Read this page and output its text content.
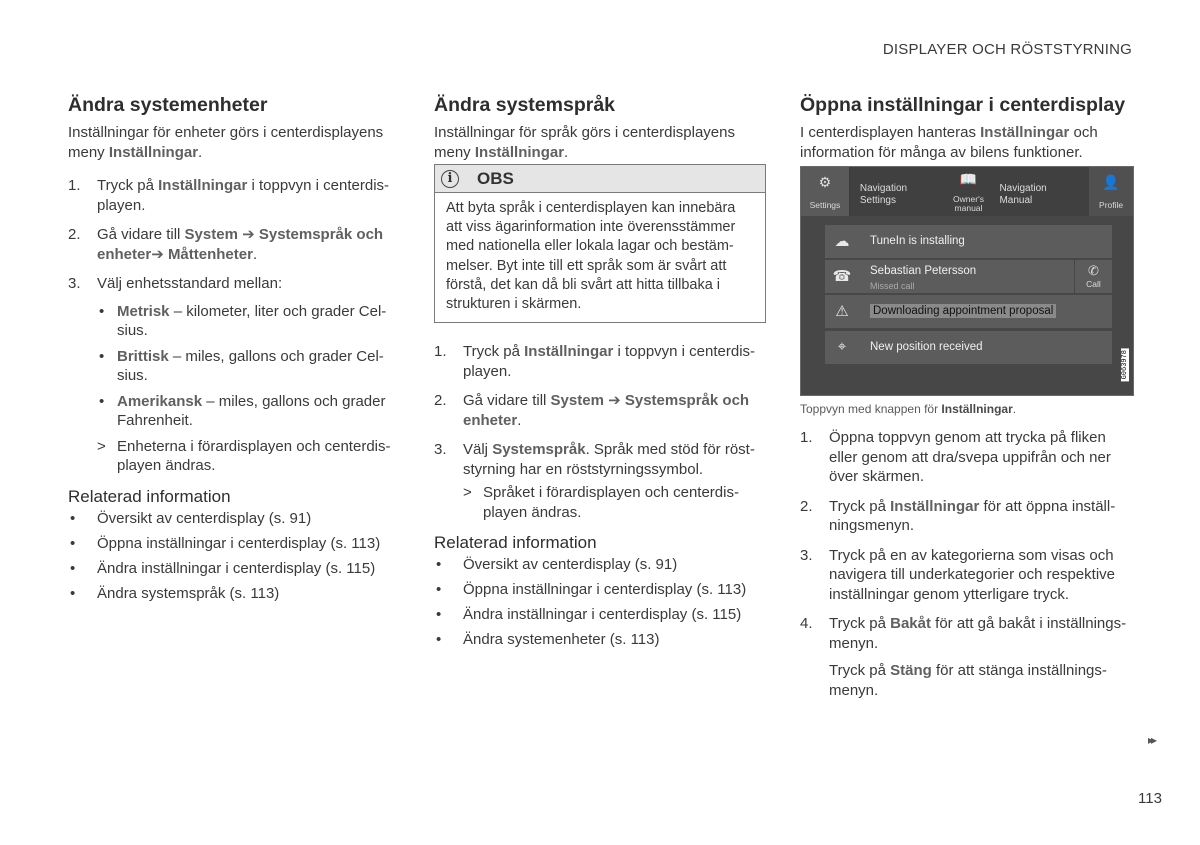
DISPLAYER OCH RÖSTSTYRNING
Ändra systemenheter

Inställningar för enheter görs i centerdisplayens meny Inställningar.

1. Tryck på Inställningar i toppvyn i centerdis-playen.
2. Gå vidare till System ➔ Systemspråk och enheter➔ Måttenheter.
3. Välj enhetsstandard mellan:
• Metrisk – kilometer, liter och grader Cel-sius.
• Brittisk – miles, gallons och grader Cel-sius.
• Amerikansk – miles, gallons och grader Fahrenheit.
> Enheterna i förardisplayen och centerdis-playen ändras.
Relaterad information
• Översikt av centerdisplay (s. 91)
• Öppna inställningar i centerdisplay (s. 113)
• Ändra inställningar i centerdisplay (s. 115)
• Ändra systemspråk (s. 113)
Ändra systemspråk

Inställningar för språk görs i centerdisplayens meny Inställningar.

i	OBS
Att byta språk i centerdisplayen kan innebära att viss ägarinformation inte överensstämmer med nationella eller lokala lagar och bestäm-melser. Byt inte till ett språk som är svårt att förstå, det kan då bli svårt att hitta tillbaka i strukturen i skärmen.
1. Tryck på Inställningar i toppvyn i centerdis-playen.
2. Gå vidare till System ➔ Systemspråk och enheter.
3. Välj Systemspråk. Språk med stöd för röst-styrning har en röststyrningssymbol.
> Språket i förardisplayen och centerdis-playen ändras.
Relaterad information
• Översikt av centerdisplay (s. 91)
• Öppna inställningar i centerdisplay (s. 113)
• Ändra inställningar i centerdisplay (s. 115)
• Ändra systemenheter (s. 113)
Öppna inställningar i centerdisplay

I centerdisplayen hanteras Inställningar och information för många av bilens funktioner.

⚙
Settings
Navigation
Settings
📖
Owner's
manual
Navigation
Manual
👤
Profile
☁	TuneIn is installing
☎ Sebastian Petersson
Missed call
✆
Call
⚠	Downloading appointment proposal
⌖	New position received
G063978

Toppvyn med knappen för Inställningar.

1. Öppna toppvyn genom att trycka på fliken eller genom att dra/svepa uppifrån och ner över skärmen.
2. Tryck på Inställningar för att öppna inställ-ningsmenyn.
3. Tryck på en av kategorierna som visas och navigera till underkategorier och respektive inställningar genom ytterligare tryck.
4. Tryck på Bakåt för att gå bakåt i inställnings-menyn.
Tryck på Stäng för att stänga inställnings-menyn.
▸▸
113
